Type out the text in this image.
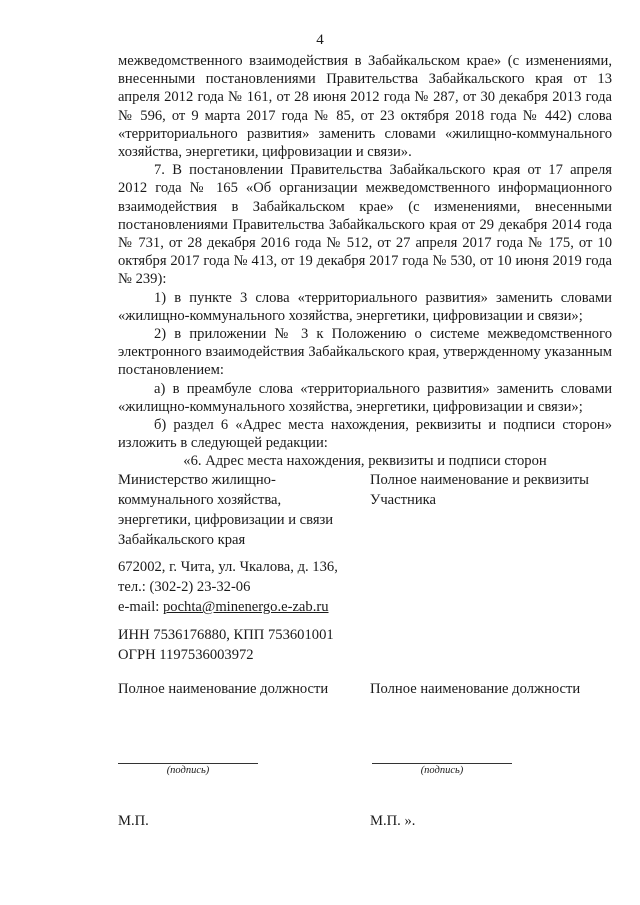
4

межведомственного взаимодействия в Забайкальском крае» (с изменениями, внесенными постановлениями Правительства Забайкальского края от 13 апреля 2012 года № 161, от 28 июня 2012 года № 287, от 30 декабря 2013 года № 596, от 9 марта 2017 года № 85, от 23 октября 2018 года № 442) слова «территориального развития» заменить словами «жилищно-коммунального хозяйства, энергетики, цифровизации и связи».

7. В постановлении Правительства Забайкальского края от 17 апреля 2012 года № 165 «Об организации межведомственного информационного взаимодействия в Забайкальском крае» (с изменениями, внесенными постановлениями Правительства Забайкальского края от 29 декабря 2014 года № 731, от 28 декабря 2016 года № 512, от 27 апреля 2017 года № 175, от 10 октября 2017 года № 413, от 19 декабря 2017 года № 530, от 10 июня 2019 года № 239):

1) в пункте 3 слова «территориального развития» заменить словами «жилищно-коммунального хозяйства, энергетики, цифровизации и связи»;

2) в приложении № 3 к Положению о системе межведомственного электронного взаимодействия Забайкальского края, утвержденному указанным постановлением:

а) в преамбуле слова «территориального развития» заменить словами «жилищно-коммунального хозяйства, энергетики, цифровизации и связи»;

б) раздел 6 «Адрес места нахождения, реквизиты и подписи сторон» изложить в следующей редакции:

«6. Адрес места нахождения, реквизиты и подписи сторон

Министерство жилищно-
коммунального хозяйства,
энергетики, цифровизации и связи
Забайкальского края
672002, г. Чита, ул. Чкалова, д. 136,
тел.: (302-2) 23-32-06
e-mail: pochta@minenergo.e-zab.ru
ИНН 7536176880, КПП 753601001
ОГРН 1197536003972
Полное наименование должности
(подпись)
М.П.
Полное наименование и реквизиты
Участника
Полное наименование должности
(подпись)
М.П. ».
